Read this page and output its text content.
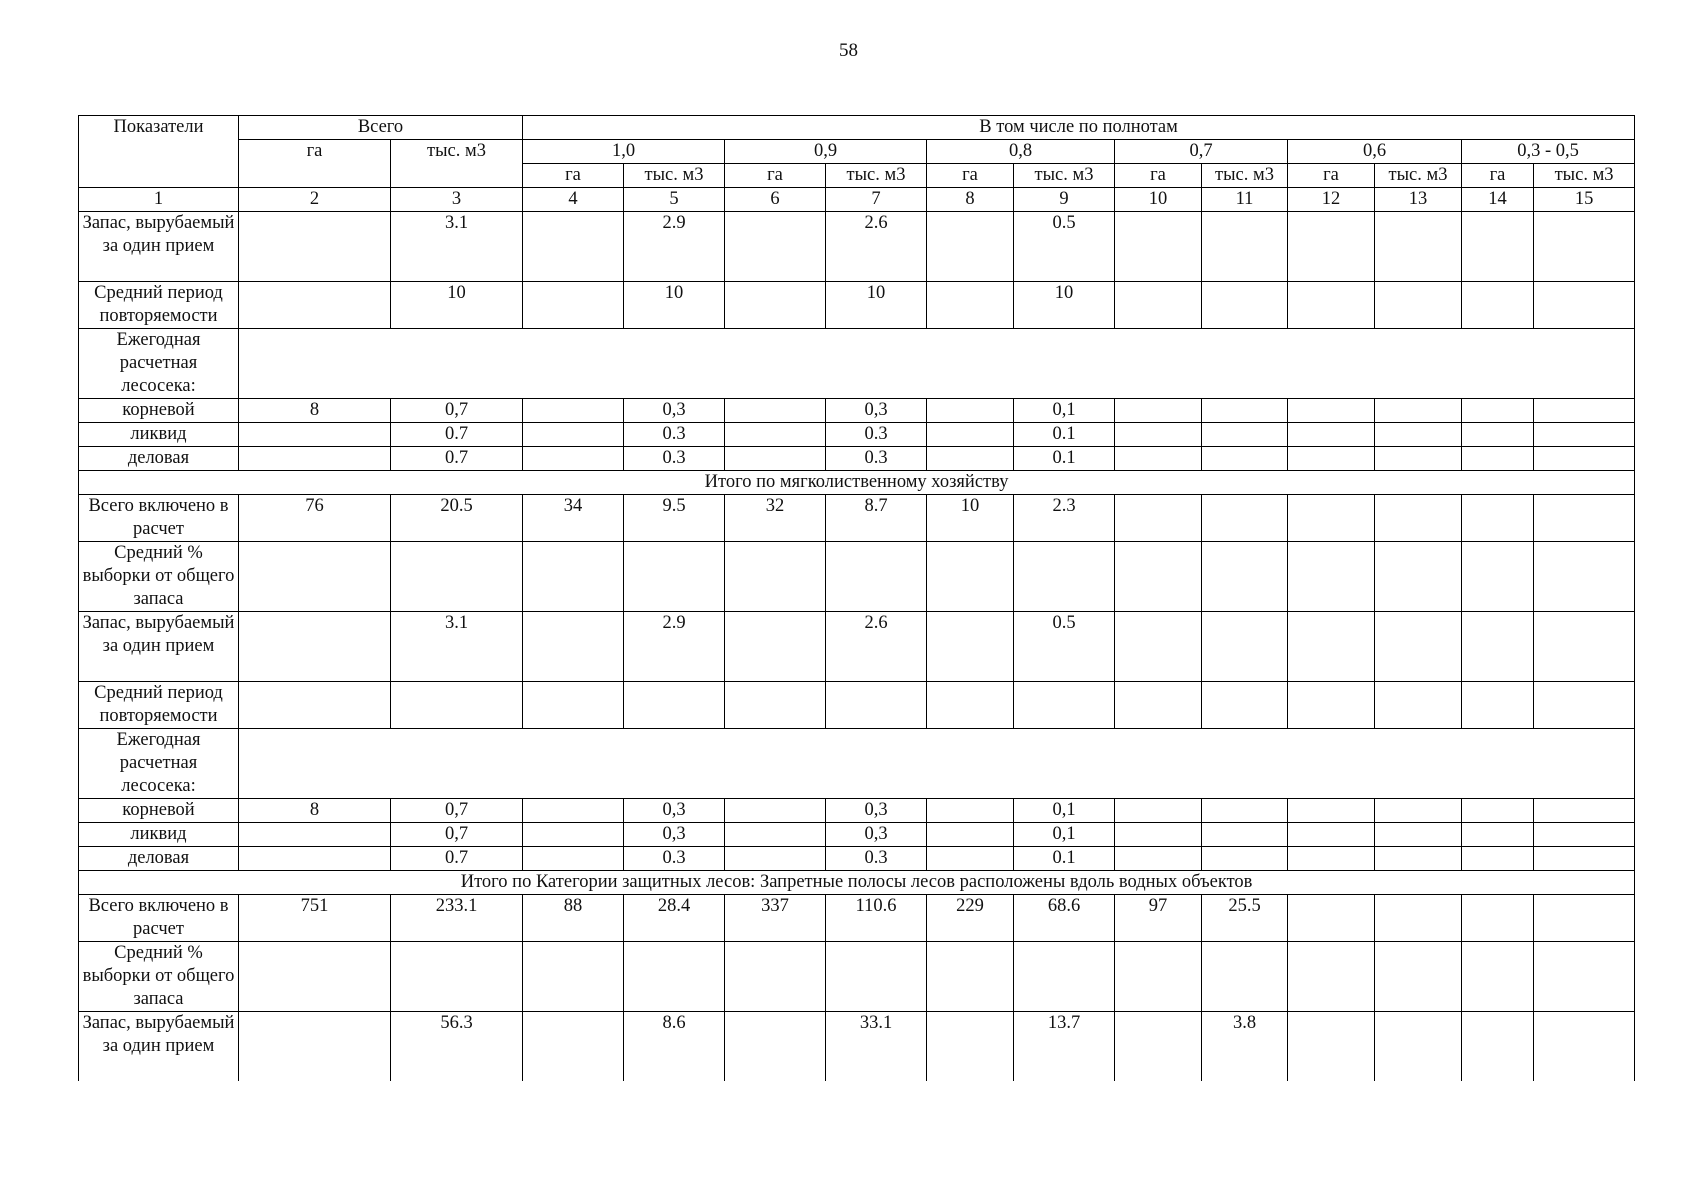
58
Показатели	Всего		В том числе по полнотам											
	га	тыс. м3	1,0		0,9		0,8		0,7		0,6		0,3 - 0,5	
			га	тыс. м3	га	тыс. м3	га	тыс. м3	га	тыс. м3	га	тыс. м3	га	тыс. м3
1	2	3	4	5	6	7	8	9	10	11	12	13	14	15
Запас, вырубаемый за один прием		3.1		2.9		2.6		0.5						
Средний период повторяемости		10		10		10		10						
Ежегодная расчетная лесосека:														
корневой	8	0,7		0,3		0,3		0,1						
ликвид		0.7		0.3		0.3		0.1						
деловая		0.7		0.3		0.3		0.1						
Итого по мягколиственному хозяйству														
Всего включено в расчет	76	20.5	34	9.5	32	8.7	10	2.3						
Средний % выборки от общего запаса														
Запас, вырубаемый за один прием		3.1		2.9		2.6		0.5						
Средний период повторяемости														
Ежегодная расчетная лесосека:														
корневой	8	0,7		0,3		0,3		0,1						
ликвид		0,7		0,3		0,3		0,1						
деловая		0.7		0.3		0.3		0.1						
Итого по Категории защитных лесов: Запретные полосы лесов расположены вдоль водных объектов														
Всего включено в расчет	751	233.1	88	28.4	337	110.6	229	68.6	97	25.5				
Средний % выборки от общего запаса														
Запас, вырубаемый за один прием		56.3		8.6		33.1		13.7		3.8				
